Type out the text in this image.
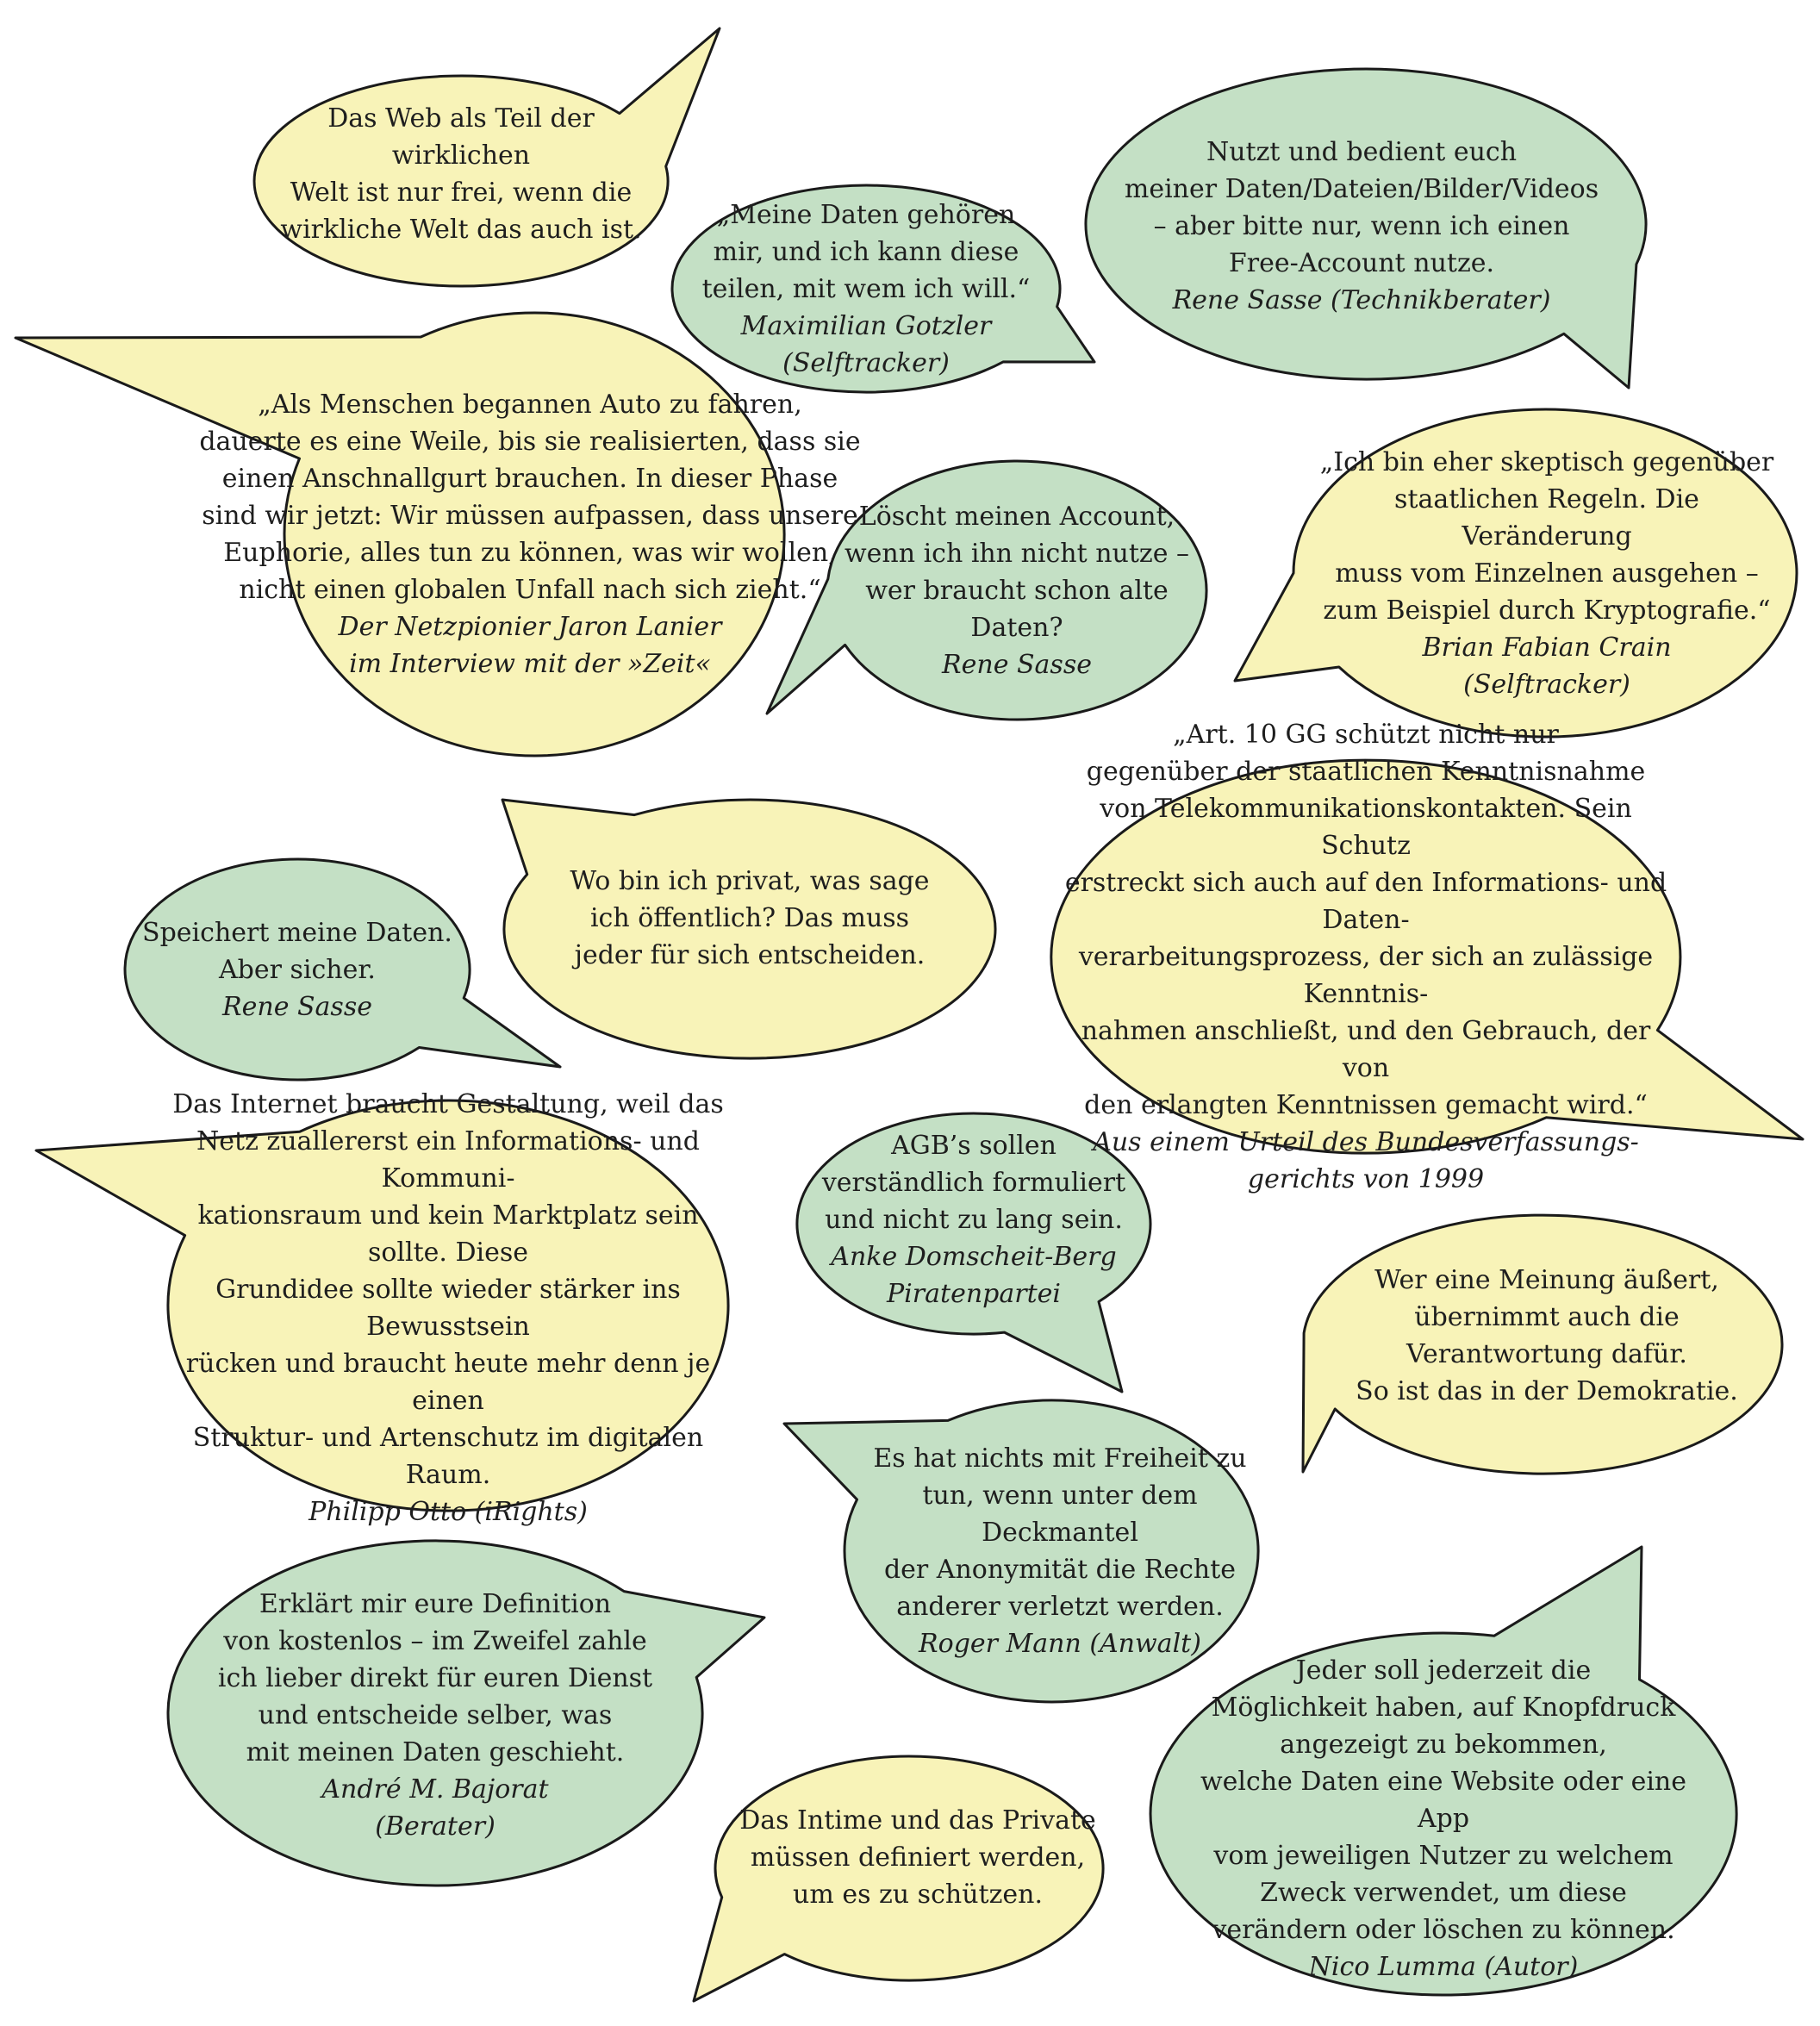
Das Web als Teil der wirklichen
Welt ist nur frei, wenn die
wirkliche Welt das auch ist.	„Meine Daten gehören
mir, und ich kann diese
teilen, mit wem ich will.“
Maximilian Gotzler
(Selftracker)
Nutzt und bedient euch
meiner Daten/Dateien/Bilder/Videos
– aber bitte nur, wenn ich einen
Free-Account nutze.
Rene Sasse (Technikberater)
„Als Menschen begannen Auto zu fahren,
dauerte es eine Weile, bis sie realisierten, dass sie
einen Anschnallgurt brauchen. In dieser Phase
sind wir jetzt: Wir müssen aufpassen, dass unsere
Euphorie, alles tun zu können, was wir wollen,
nicht einen globalen Unfall nach sich zieht.“
Der Netzpionier Jaron Lanier
im Interview mit der »Zeit«
Löscht meinen Account,
wenn ich ihn nicht nutze –
wer braucht schon alte Daten?
Rene Sasse
„Ich bin eher skeptisch gegenüber
staatlichen Regeln. Die Veränderung
muss vom Einzelnen ausgehen –
zum Beispiel durch Kryptografie.“
Brian Fabian Crain
(Selftracker)
Wo bin ich privat, was sage
ich öffentlich? Das muss
jeder für sich entscheiden.
Speichert meine Daten.
Aber sicher.
Rene Sasse
„Art. 10 GG schützt nicht nur
gegenüber der staatlichen Kenntnisnahme
von Telekommunikationskontakten. Sein Schutz
erstreckt sich auch auf den Informations- und Daten-
verarbeitungsprozess, der sich an zulässige Kenntnis-
nahmen anschließt, und den Gebrauch, der von
den erlangten Kenntnissen gemacht wird.“
Aus einem Urteil des Bundesverfassungs-
gerichts von 1999
Das Internet braucht Gestaltung, weil das
Netz zuallererst ein Informations- und Kommuni-
kationsraum und kein Marktplatz sein sollte. Diese
Grundidee sollte wieder stärker ins Bewusstsein
rücken und braucht heute mehr denn je einen
Struktur- und Artenschutz im digitalen Raum.
Philipp Otto (iRights)
AGB’s sollen
verständlich formuliert
und nicht zu lang sein.
Anke Domscheit-Berg
Piratenpartei	Wer eine Meinung äußert,
übernimmt auch die
Verantwortung dafür.
So ist das in der Demokratie.
Es hat nichts mit Freiheit zu
tun, wenn unter dem Deckmantel
der Anonymität die Rechte
anderer verletzt werden.
Roger Mann (Anwalt)
Erklärt mir eure Definition
von kostenlos – im Zweifel zahle
ich lieber direkt für euren Dienst
und entscheide selber, was
mit meinen Daten geschieht.
André M. Bajorat
(Berater)	Das Intime und das Private
müssen definiert werden,
um es zu schützen.
Jeder soll jederzeit die
Möglichkeit haben, auf Knopfdruck
angezeigt zu bekommen,
welche Daten eine Website oder eine App
vom jeweiligen Nutzer zu welchem
Zweck verwendet, um diese
verändern oder löschen zu können.
Nico Lumma (Autor)
